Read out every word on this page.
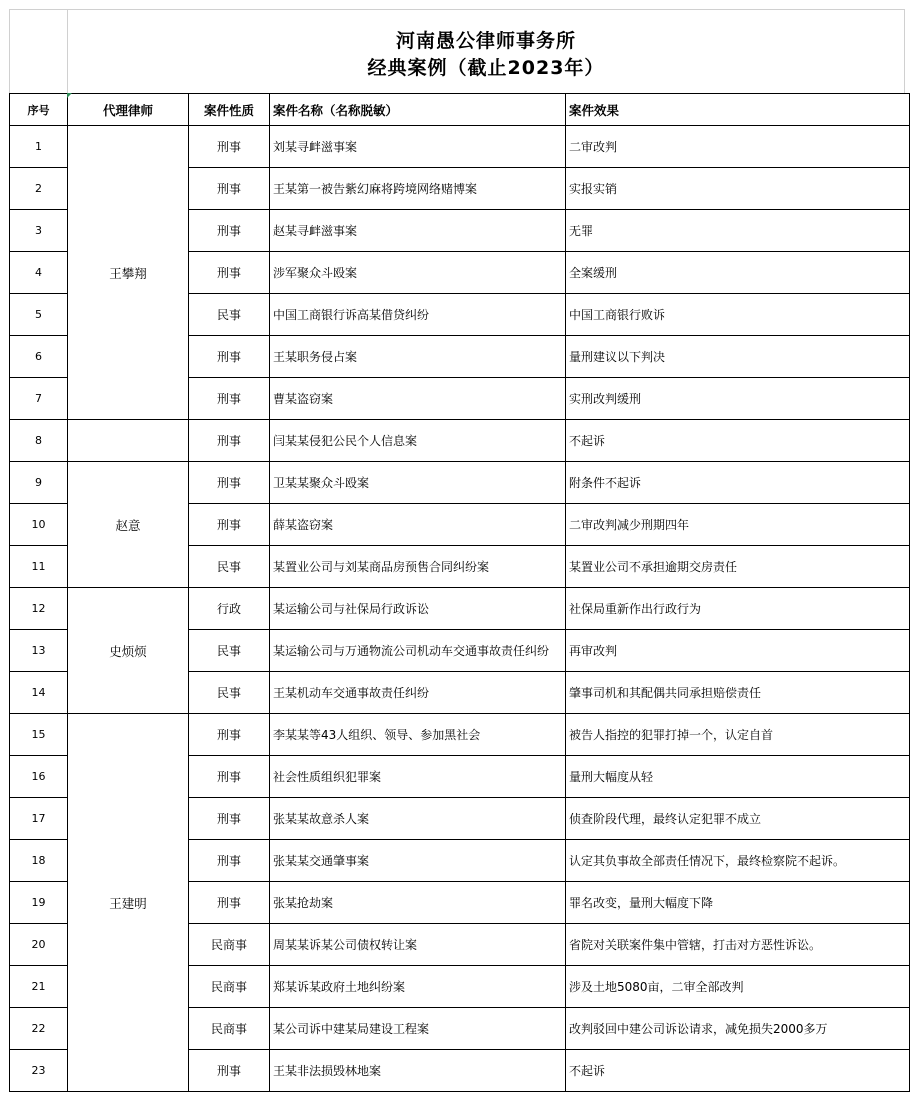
河南愚公律师事务所
经典案例（截止2023年）
序号	代理律师	案件性质	案件名称（名称脱敏）	案件效果
1	王攀翔	刑事	刘某寻衅滋事案	二审改判
2		刑事	王某第一被告紫幻麻将跨境网络赌博案	实报实销
3		刑事	赵某寻衅滋事案	无罪
4		刑事	涉军聚众斗殴案	全案缓刑
5		民事	中国工商银行诉高某借贷纠纷	中国工商银行败诉
6		刑事	王某职务侵占案	量刑建议以下判决
7		刑事	曹某盗窃案	实刑改判缓刑
8		刑事	闫某某侵犯公民个人信息案	不起诉
9	赵意	刑事	卫某某聚众斗殴案	附条件不起诉
10		刑事	薛某盗窃案	二审改判减少刑期四年
11		民事	某置业公司与刘某商品房预售合同纠纷案	某置业公司不承担逾期交房责任
12	史烦烦	行政	某运输公司与社保局行政诉讼	社保局重新作出行政行为
13		民事	某运输公司与万通物流公司机动车交通事故责任纠纷	再审改判
14		民事	王某机动车交通事故责任纠纷	肇事司机和其配偶共同承担赔偿责任
15	王建明	刑事	李某某等43人组织、领导、参加黑社会	被告人指控的犯罪打掉一个，认定自首
16		刑事	社会性质组织犯罪案	量刑大幅度从轻
17		刑事	张某某故意杀人案	侦查阶段代理，最终认定犯罪不成立
18		刑事	张某某交通肇事案	认定其负事故全部责任情况下，最终检察院不起诉。
19		刑事	张某抢劫案	罪名改变，量刑大幅度下降
20		民商事	周某某诉某公司债权转让案	省院对关联案件集中管辖，打击对方恶性诉讼。
21		民商事	郑某诉某政府土地纠纷案	涉及土地5080亩，二审全部改判
22		民商事	某公司诉中建某局建设工程案	改判驳回中建公司诉讼请求，减免损失2000多万
23		刑事	王某非法损毁林地案	不起诉
